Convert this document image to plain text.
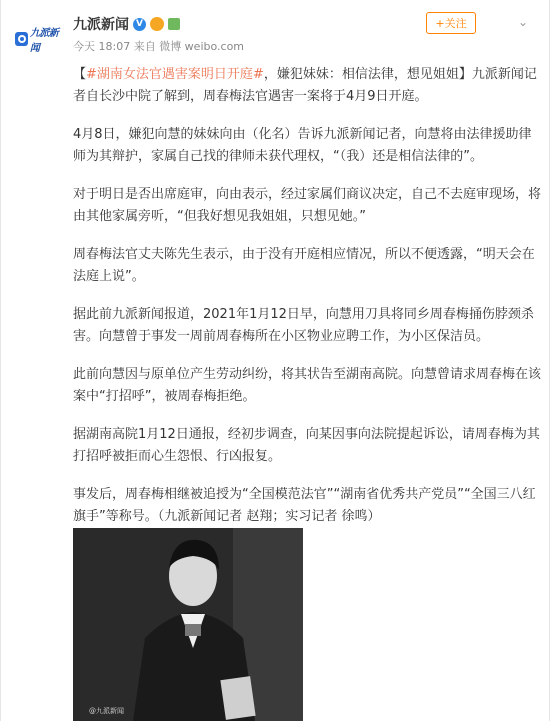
九派新闻
九派新闻 V
今天 18:07 来自 微博 weibo.com
+关注	⌄

【#湖南女法官遇害案明日开庭#，嫌犯妹妹：相信法律，想见姐姐】九派新闻记者自长沙中院了解到，周春梅法官遇害一案将于4月9日开庭。

4月8日，嫌犯向慧的妹妹向由（化名）告诉九派新闻记者，向慧将由法律援助律师为其辩护，家属自己找的律师未获代理权，“（我）还是相信法律的”。

对于明日是否出席庭审，向由表示，经过家属们商议决定，自己不去庭审现场，将由其他家属旁听，“但我好想见我姐姐，只想见她。”

周春梅法官丈夫陈先生表示，由于没有开庭相应情况，所以不便透露，“明天会在法庭上说”。

据此前九派新闻报道，2021年1月12日早，向慧用刀具将同乡周春梅捅伤脖颈杀害。向慧曾于事发一周前周春梅所在小区物业应聘工作，为小区保洁员。

此前向慧因与原单位产生劳动纠纷，将其状告至湖南高院。向慧曾请求周春梅在该案中“打招呼”，被周春梅拒绝。

据湖南高院1月12日通报，经初步调查，向某因事向法院提起诉讼，请周春梅为其打招呼被拒而心生怨恨、行凶报复。

事发后，周春梅相继被追授为“全国模范法官”“湖南省优秀共产党员”“全国三八红旗手”等称号。（九派新闻记者 赵翔；实习记者 徐鸣）

@九派新闻
